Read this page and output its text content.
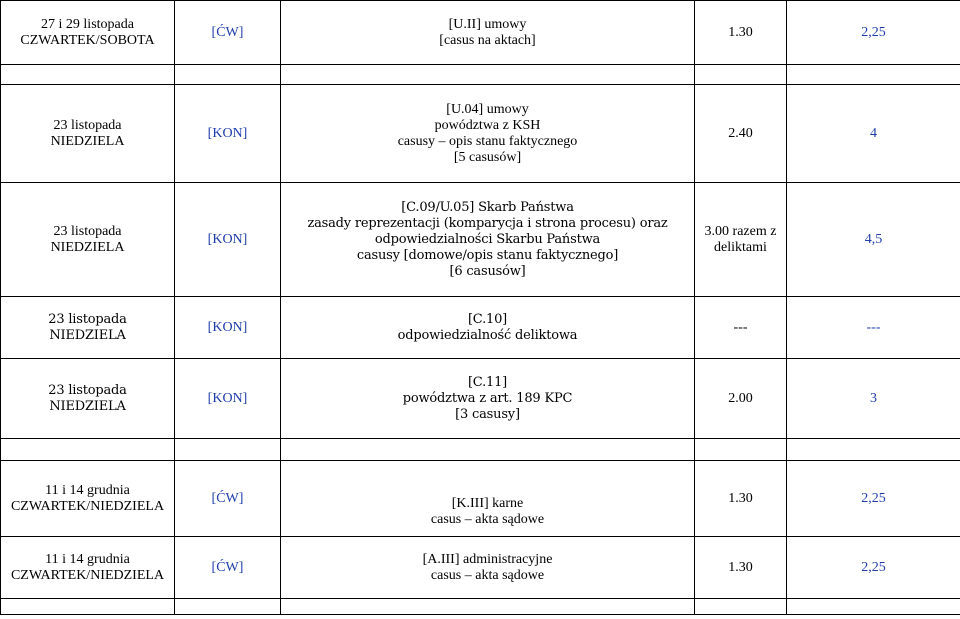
27 i 29 listopada
CZWARTEK/SOBOTA	[ĆW]	[U.II] umowy
[casus na aktach]	1.30	2,25

23 listopada
NIEDZIELA	[KON]	[U.04] umowy
powództwa z KSH
casusy – opis stanu faktycznego
[5 casusów]	2.40	4

23 listopada
NIEDZIELA	[KON]	[C.09/U.05] Skarb Państwa
zasady reprezentacji (komparycja i strona procesu) oraz
odpowiedzialności Skarbu Państwa
casusy [domowe/opis stanu faktycznego]
[6 casusów]	3.00 razem z
deliktami	4,5

23 listopada
NIEDZIELA	[KON]	[C.10]
odpowiedzialność deliktowa	---	---

23 listopada
NIEDZIELA	[KON]	[C.11]
powództwa z art. 189 KPC
[3 casusy]	2.00	3

11 i 14 grudnia
CZWARTEK/NIEDZIELA	[ĆW]	[K.III] karne
casus – akta sądowe	1.30	2,25

11 i 14 grudnia
CZWARTEK/NIEDZIELA	[ĆW]	[A.III] administracyjne
casus – akta sądowe	1.30	2,25
